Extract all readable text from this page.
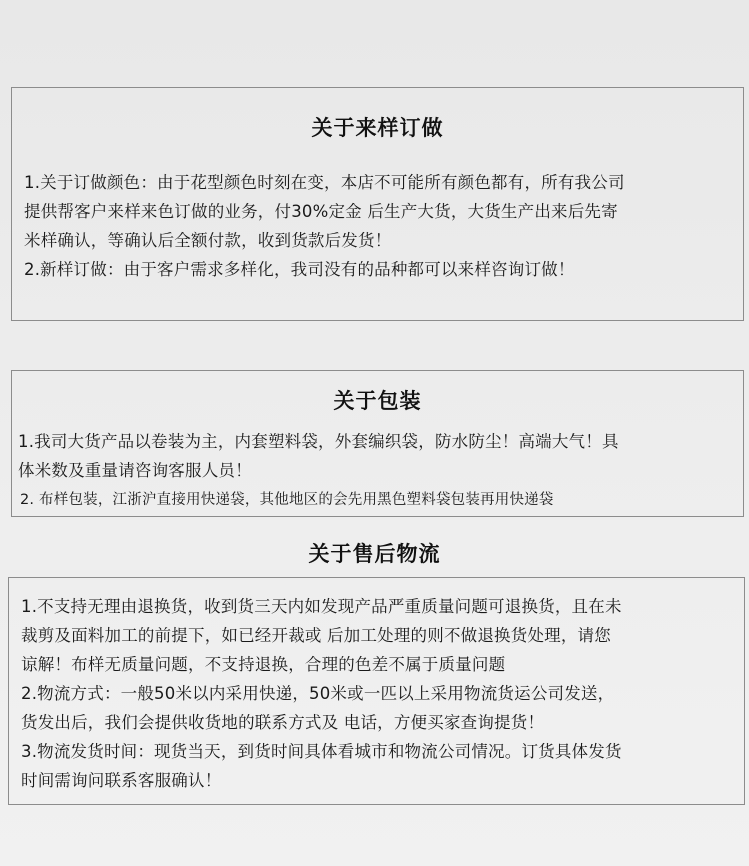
关于来样订做
1.关于订做颜色：由于花型颜色时刻在变，本店不可能所有颜色都有，所有我公司
提供帮客户来样来色订做的业务，付30%定金 后生产大货，大货生产出来后先寄
米样确认，等确认后全额付款，收到货款后发货！
2.新样订做：由于客户需求多样化，我司没有的品种都可以来样咨询订做！
关于包装
1.我司大货产品以卷装为主，内套塑料袋，外套编织袋，防水防尘！高端大气！具
体米数及重量请咨询客服人员！
2. 布样包装，江浙沪直接用快递袋，其他地区的会先用黑色塑料袋包装再用快递袋
关于售后物流
1.不支持无理由退换货，收到货三天内如发现产品严重质量问题可退换货，且在未
裁剪及面料加工的前提下，如已经开裁或 后加工处理的则不做退换货处理，请您
谅解！布样无质量问题，不支持退换，合理的色差不属于质量问题
2.物流方式：一般50米以内采用快递，50米或一匹以上采用物流货运公司发送，
货发出后，我们会提供收货地的联系方式及 电话，方便买家查询提货！
3.物流发货时间：现货当天，到货时间具体看城市和物流公司情况。订货具体发货
时间需询问联系客服确认！
